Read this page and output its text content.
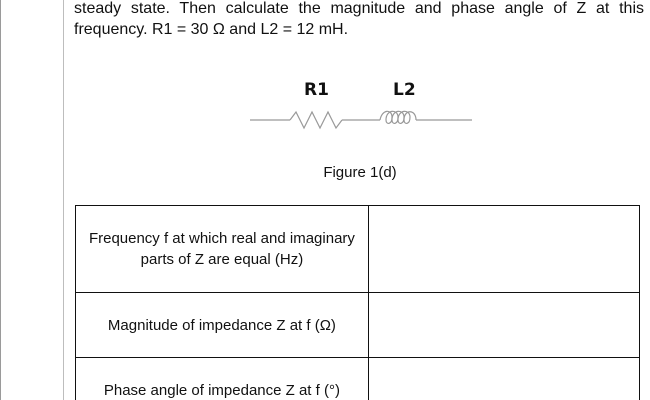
steady state. Then calculate the magnitude and phase angle of Z at this
frequency. R1 = 30 Ω and L2 = 12 mH.
R1	L2
Figure 1(d)
Frequency f at which real and imaginary parts of Z are equal (Hz)	
Magnitude of impedance Z at f (Ω)	
Phase angle of impedance Z at f (°)	
